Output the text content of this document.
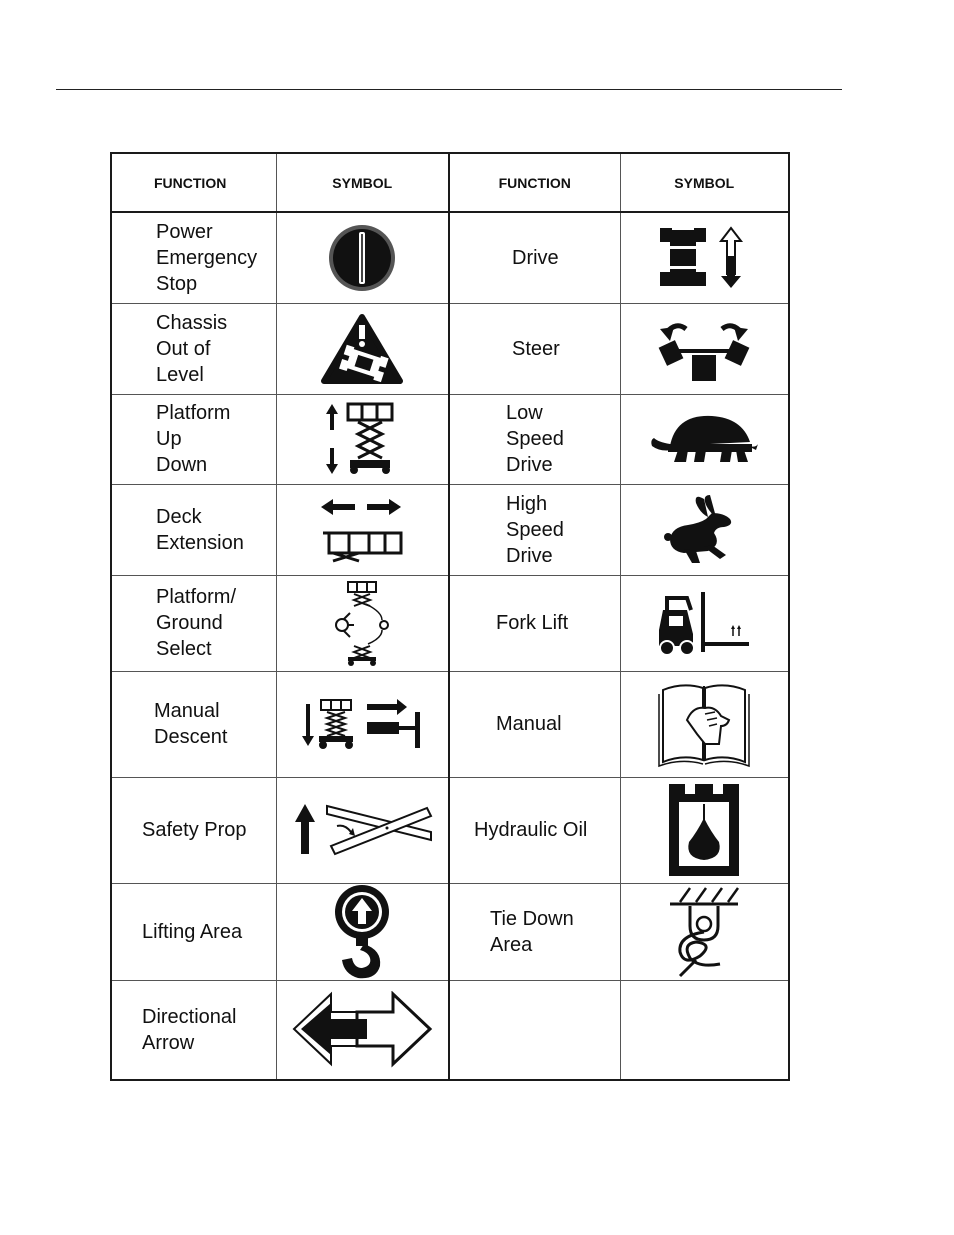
FUNCTION	SYMBOL	FUNCTION	SYMBOL
Power
Emergency
Stop		Drive	

Chassis
Out of
Level		Steer	

Platform
Up
Down		Low
Speed
Drive	

Deck
Extension		High
Speed
Drive	

Platform/
Ground
Select		Fork Lift	

Manual
Descent		Manual	

Safety Prop		Hydraulic Oil	

Lifting Area		Tie Down
Area	

Directional
Arrow	
